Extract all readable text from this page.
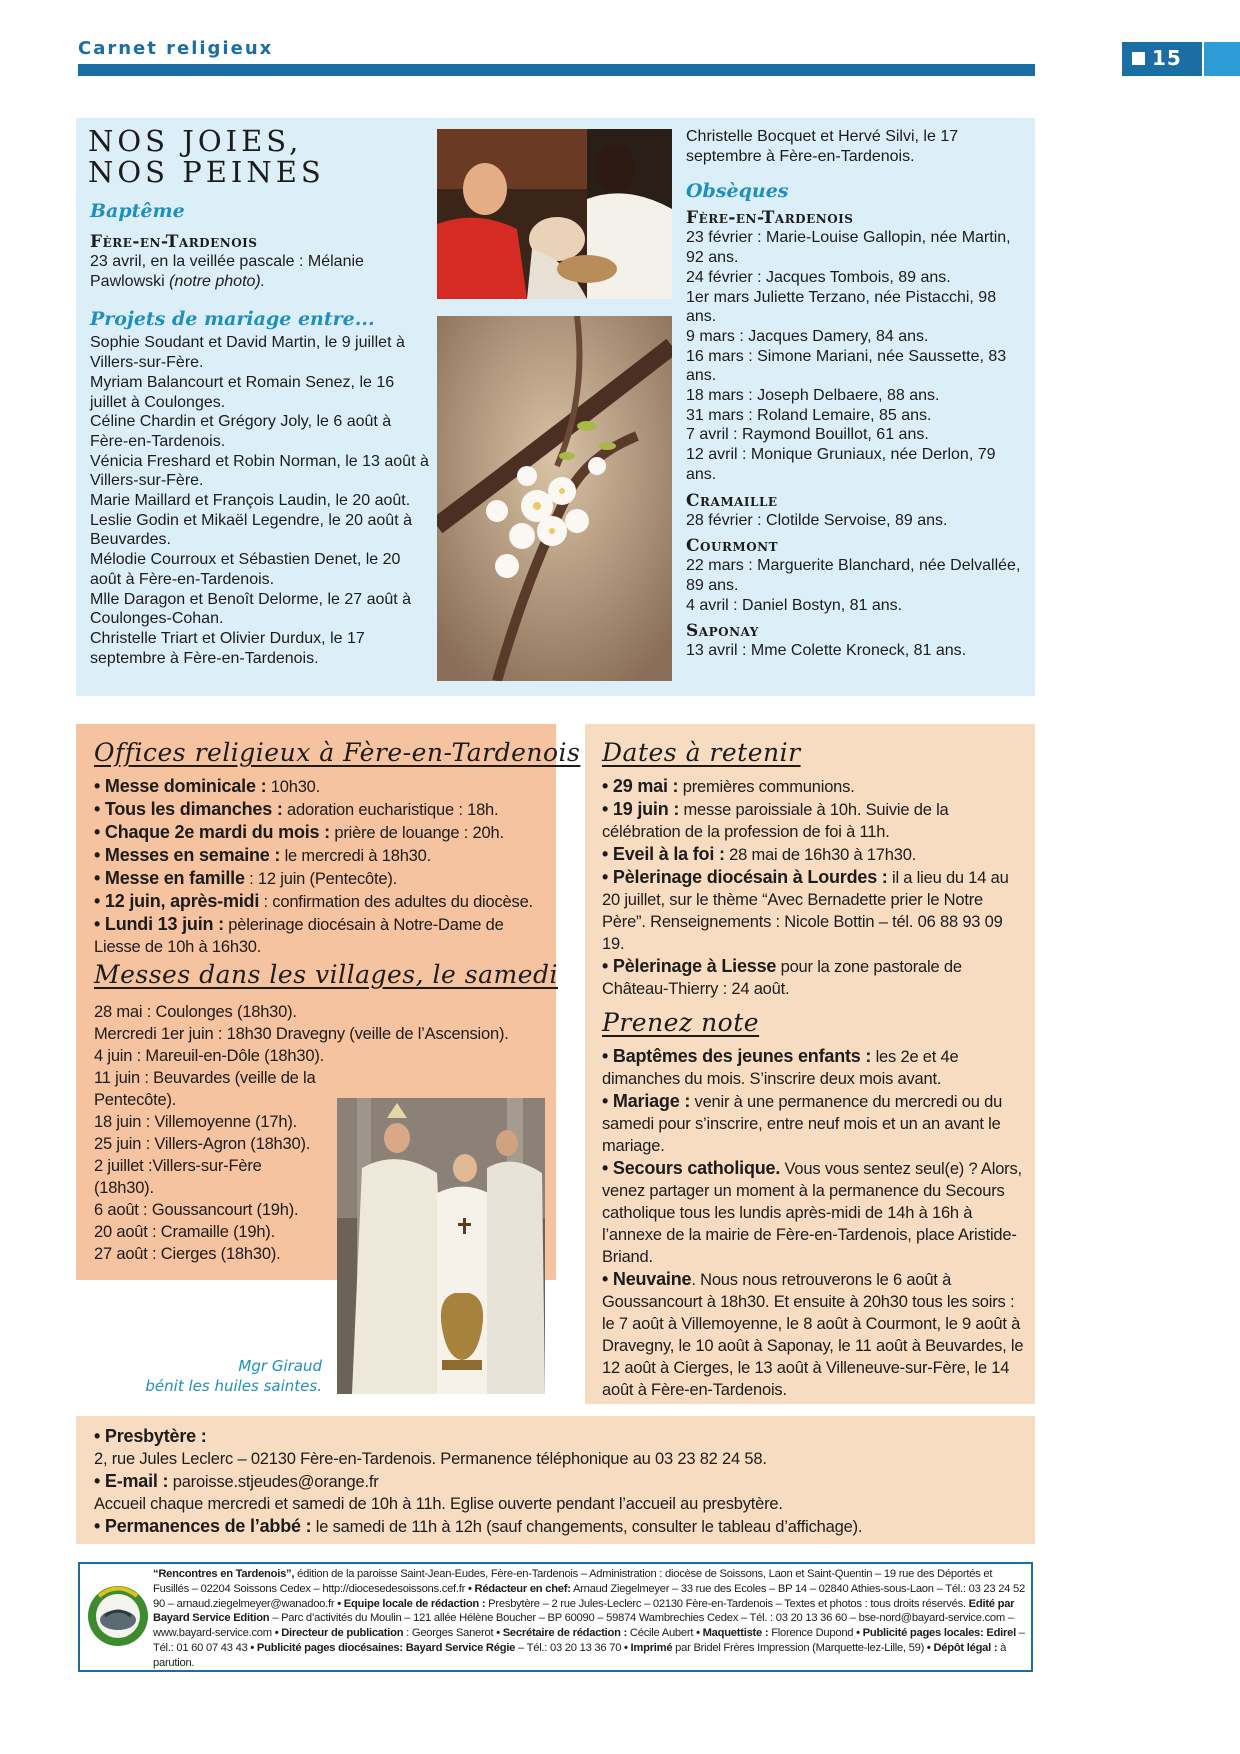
Carnet religieux	15
NOS JOIES,
NOS PEINES
Baptême
Fère-en-Tardenois
23 avril, en la veillée pascale : Mélanie Pawlowski (notre photo).
Projets de mariage entre...

Sophie Soudant et David Martin, le 9 juillet à Villers-sur-Fère.

Myriam Balancourt et Romain Senez, le 16 juillet à Coulonges.

Céline Chardin et Grégory Joly, le 6 août à Fère-en-Tardenois.

Vénicia Freshard et Robin Norman, le 13 août à Villers-sur-Fère.

Marie Maillard et François Laudin, le 20 août.

Leslie Godin et Mikaël Legendre, le 20 août à Beuvardes.

Mélodie Courroux et Sébastien Denet, le 20 août à Fère-en-Tardenois.

Mlle Daragon et Benoît Delorme, le 27 août à Coulonges-Cohan.

Christelle Triart et Olivier Durdux, le 17 septembre à Fère-en-Tardenois.

Christelle Bocquet et Hervé Silvi, le 17 septembre à Fère-en-Tardenois.
Obsèques
Fère-en-Tardenois

23 février : Marie-Louise Gallopin, née Martin, 92 ans.

24 février : Jacques Tombois, 89 ans.

1er mars Juliette Terzano, née Pistacchi, 98 ans.

9 mars : Jacques Damery, 84 ans.

16 mars : Simone Mariani, née Saussette, 83 ans.

18 mars : Joseph Delbaere, 88 ans.

31 mars : Roland Lemaire, 85 ans.

7 avril : Raymond Bouillot, 61 ans.

12 avril : Monique Gruniaux, née Derlon, 79 ans.

Cramaille

28 février : Clotilde Servoise, 89 ans.

Courmont

22 mars : Marguerite Blanchard, née Delvallée, 89 ans.

4 avril : Daniel Bostyn, 81 ans.

Saponay

13 avril : Mme Colette Kroneck, 81 ans.

Offices religieux à Fère-en-Tardenois

• Messe dominicale : 10h30.

• Tous les dimanches : adoration eucharistique : 18h.

• Chaque 2e mardi du mois : prière de louange : 20h.

• Messes en semaine : le mercredi à 18h30.

• Messe en famille : 12 juin (Pentecôte).

• 12 juin, après-midi : confirmation des adultes du diocèse.

• Lundi 13 juin : pèlerinage diocésain à Notre-Dame de Liesse de 10h à 16h30.

Messes dans les villages, le samedi

28 mai : Coulonges (18h30).

Mercredi 1er juin : 18h30 Dravegny (veille de l’Ascension).

4 juin : Mareuil-en-Dôle (18h30).

11 juin : Beuvardes (veille de la Pentecôte).

18 juin : Villemoyenne (17h).

25 juin : Villers-Agron (18h30).

2 juillet :Villers-sur-Fère (18h30).

6 août : Goussancourt (19h).

20 août : Cramaille (19h).

27 août : Cierges (18h30).

Mgr Giraud
bénit les huiles saintes.
Dates à retenir

• 29 mai : premières communions.

• 19 juin : messe paroissiale à 10h. Suivie de la célébration de la profession de foi à 11h.

• Eveil à la foi : 28 mai de 16h30 à 17h30.

• Pèlerinage diocésain à Lourdes : il a lieu du 14 au 20 juillet, sur le thème “Avec Bernadette prier le Notre Père”. Renseignements : Nicole Bottin – tél. 06 88 93 09 19.

• Pèlerinage à Liesse pour la zone pastorale de Château-Thierry : 24 août.

Prenez note

• Baptêmes des jeunes enfants : les 2e et 4e dimanches du mois. S’inscrire deux mois avant.

• Mariage : venir à une permanence du mercredi ou du samedi pour s’inscrire, entre neuf mois et un an avant le mariage.

• Secours catholique. Vous vous sentez seul(e) ? Alors, venez partager un moment à la permanence du Secours catholique tous les lundis après-midi de 14h à 16h à l’annexe de la mairie de Fère-en-Tardenois, place Aristide-Briand.

• Neuvaine. Nous nous retrouverons le 6 août à Goussancourt à 18h30. Et ensuite à 20h30 tous les soirs : le 7 août à Villemoyenne, le 8 août à Courmont, le 9 août à Dravegny, le 10 août à Saponay, le 11 août à Beuvardes, le 12 août à Cierges, le 13 août à Villeneuve-sur-Fère, le 14 août à Fère-en-Tardenois.

• Presbytère :

2, rue Jules Leclerc – 02130 Fère-en-Tardenois. Permanence téléphonique au 03 23 82 24 58.

• E-mail : paroisse.stjeudes@orange.fr

Accueil chaque mercredi et samedi de 10h à 11h. Eglise ouverte pendant l’accueil au presbytère.

• Permanences de l’abbé : le samedi de 11h à 12h (sauf changements, consulter le tableau d’affichage).

“Rencontres en Tardenois”, édition de la paroisse Saint-Jean-Eudes, Fère-en-Tardenois – Administration : diocèse de Soissons, Laon et Saint-Quentin – 19 rue des Déportés et Fusillés – 02204 Soissons Cedex – http://diocesedesoissons.cef.fr • Rédacteur en chef: Arnaud Ziegelmeyer – 33 rue des Ecoles – BP 14 – 02840 Athies-sous-Laon – Tél.: 03 23 24 52 90 – arnaud.ziegelmeyer@wanadoo.fr • Equipe locale de rédaction : Presbytère – 2 rue Jules-Leclerc – 02130 Fère-en-Tardenois – Textes et photos : tous droits réservés. Edité par Bayard Service Edition – Parc d’activités du Moulin – 121 allée Hélène Boucher – BP 60090 – 59874 Wambrechies Cedex – Tél. : 03 20 13 36 60 – bse-nord@bayard-service.com – www.bayard-service.com • Directeur de publication : Georges Sanerot • Secrétaire de rédaction : Cécile Aubert • Maquettiste : Florence Dupond • Publicité pages locales: Edirel – Tél.: 01 60 07 43 43 • Publicité pages diocésaines: Bayard Service Régie – Tél.: 03 20 13 36 70 • Imprimé par Bridel Frères Impression (Marquette-lez-Lille, 59) • Dépôt légal : à parution.
